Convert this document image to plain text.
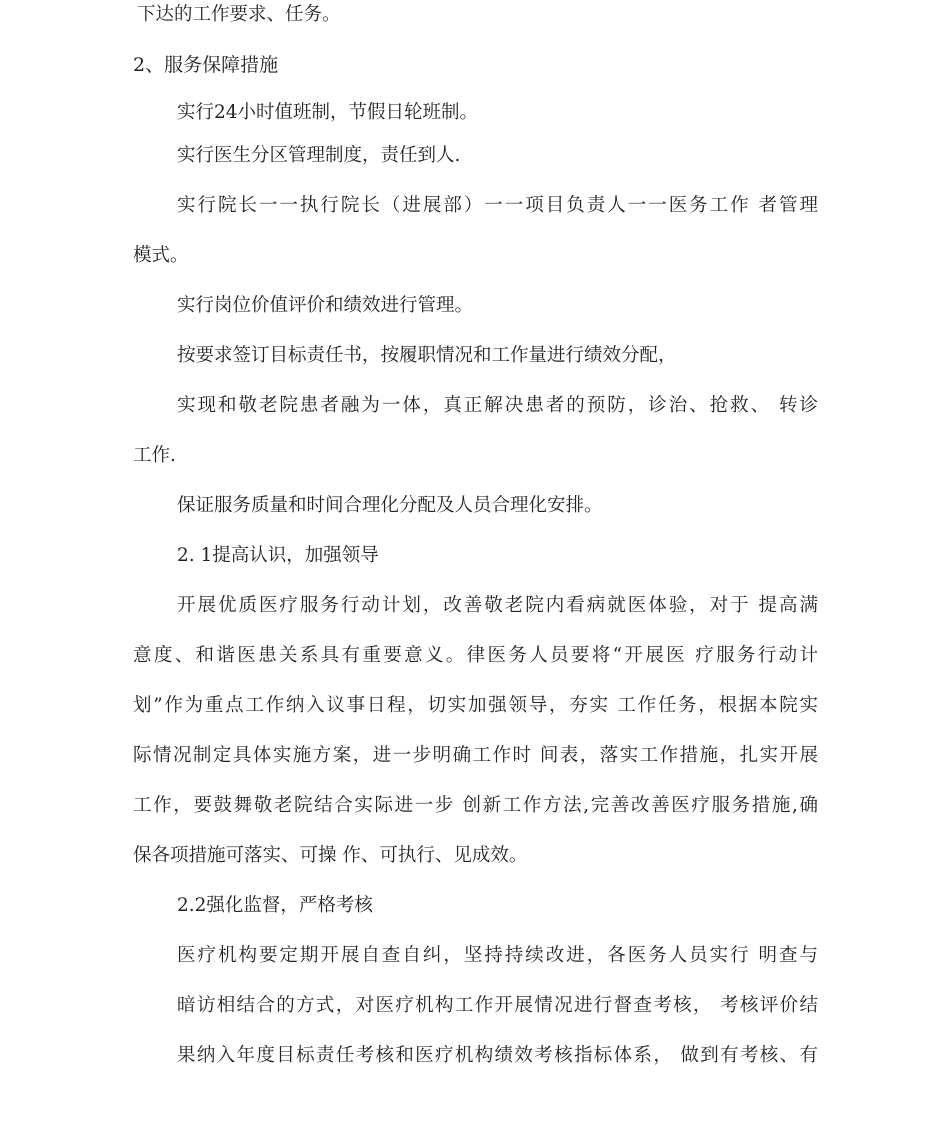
下达的工作要求、任务。
2、服务保障措施
实行24小时值班制，节假日轮班制。
实行医生分区管理制度，责任到人.
实行院长一一执行院长（进展部）一一项目负责人一一医务工作 者管理
模式。
实行岗位价值评价和绩效进行管理。
按要求签订目标责任书，按履职情况和工作量进行绩效分配，
实现和敬老院患者融为一体，真正解决患者的预防，诊治、抢救、 转诊
工作.
保证服务质量和时间合理化分配及人员合理化安排。
2. 1提高认识，加强领导
开展优质医疗服务行动计划，改善敬老院内看病就医体验，对于 提高满
意度、和谐医患关系具有重要意义。律医务人员要将“开展医 疗服务行动计
划”作为重点工作纳入议事日程，切实加强领导，夯实 工作任务，根据本院实
际情况制定具体实施方案，进一步明确工作时 间表，落实工作措施，扎实开展
工作，要鼓舞敬老院结合实际进一步 创新工作方法,完善改善医疗服务措施,确
保各项措施可落实、可操 作、可执行、见成效。
2.2强化监督，严格考核
医疗机构要定期开展自查自纠，坚持持续改进，各医务人员实行 明查与
暗访相结合的方式，对医疗机构工作开展情况进行督查考核， 考核评价结
果纳入年度目标责任考核和医疗机构绩效考核指标体系， 做到有考核、有
